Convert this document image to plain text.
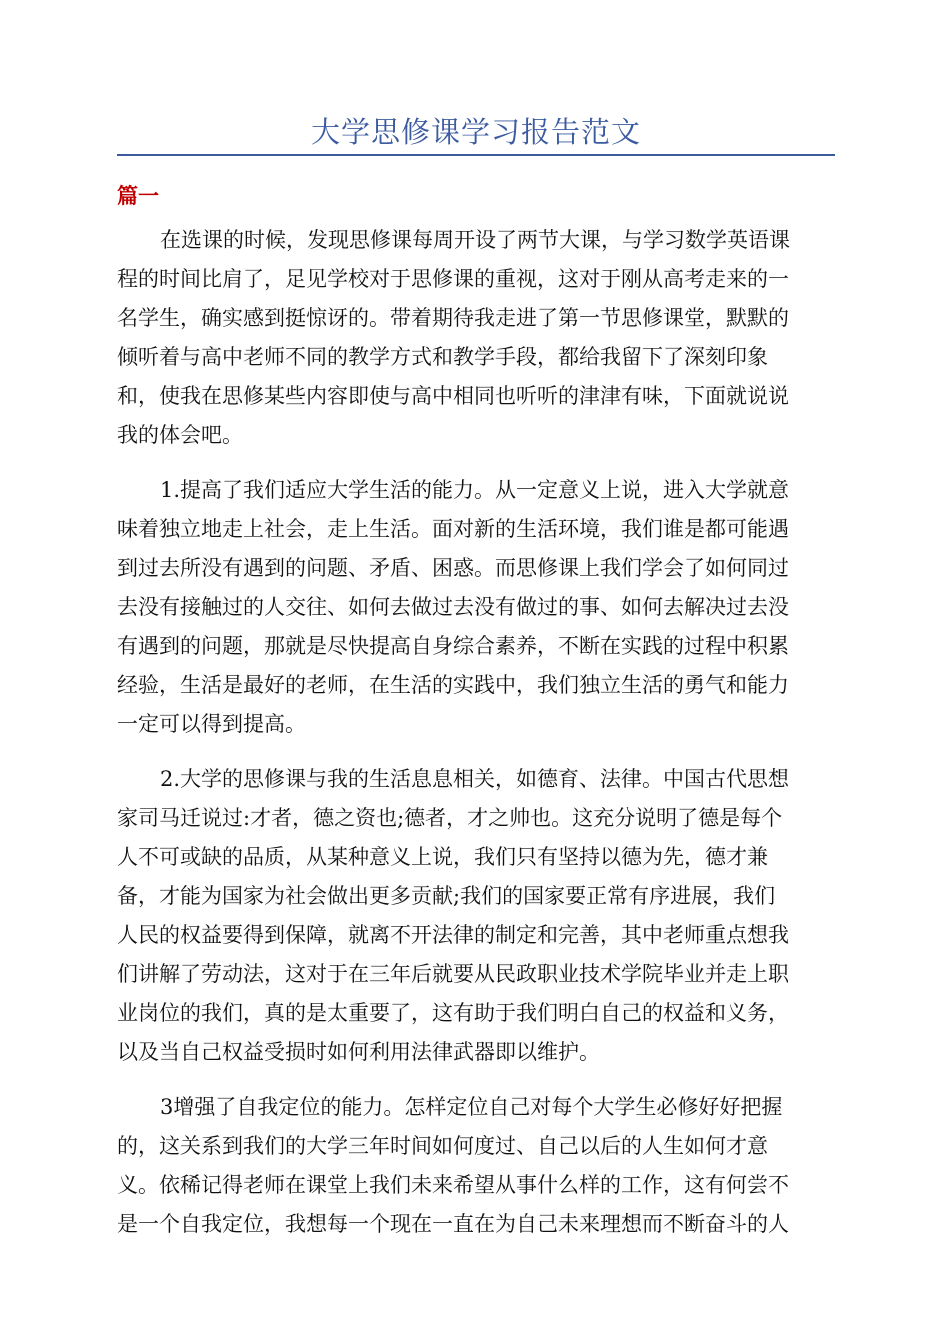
大学思修课学习报告范文
篇一
在选课的时候，发现思修课每周开设了两节大课，与学习数学英语课
程的时间比肩了，足见学校对于思修课的重视，这对于刚从高考走来的一
名学生，确实感到挺惊讶的。带着期待我走进了第一节思修课堂，默默的
倾听着与高中老师不同的教学方式和教学手段，都给我留下了深刻印象
和，使我在思修某些内容即使与高中相同也听听的津津有味，下面就说说
我的体会吧。
1.提高了我们适应大学生活的能力。从一定意义上说，进入大学就意
味着独立地走上社会，走上生活。面对新的生活环境，我们谁是都可能遇
到过去所没有遇到的问题、矛盾、困惑。而思修课上我们学会了如何同过
去没有接触过的人交往、如何去做过去没有做过的事、如何去解决过去没
有遇到的问题，那就是尽快提高自身综合素养，不断在实践的过程中积累
经验，生活是最好的老师，在生活的实践中，我们独立生活的勇气和能力
一定可以得到提高。
2.大学的思修课与我的生活息息相关，如德育、法律。中国古代思想
家司马迁说过:才者，德之资也;德者，才之帅也。这充分说明了德是每个
人不可或缺的品质，从某种意义上说，我们只有坚持以德为先，德才兼
备，才能为国家为社会做出更多贡献;我们的国家要正常有序进展，我们
人民的权益要得到保障，就离不开法律的制定和完善，其中老师重点想我
们讲解了劳动法，这对于在三年后就要从民政职业技术学院毕业并走上职
业岗位的我们，真的是太重要了，这有助于我们明白自己的权益和义务，
以及当自己权益受损时如何利用法律武器即以维护。
3增强了自我定位的能力。怎样定位自己对每个大学生必修好好把握
的，这关系到我们的大学三年时间如何度过、自己以后的人生如何才意
义。依稀记得老师在课堂上我们未来希望从事什么样的工作，这有何尝不
是一个自我定位，我想每一个现在一直在为自己未来理想而不断奋斗的人
